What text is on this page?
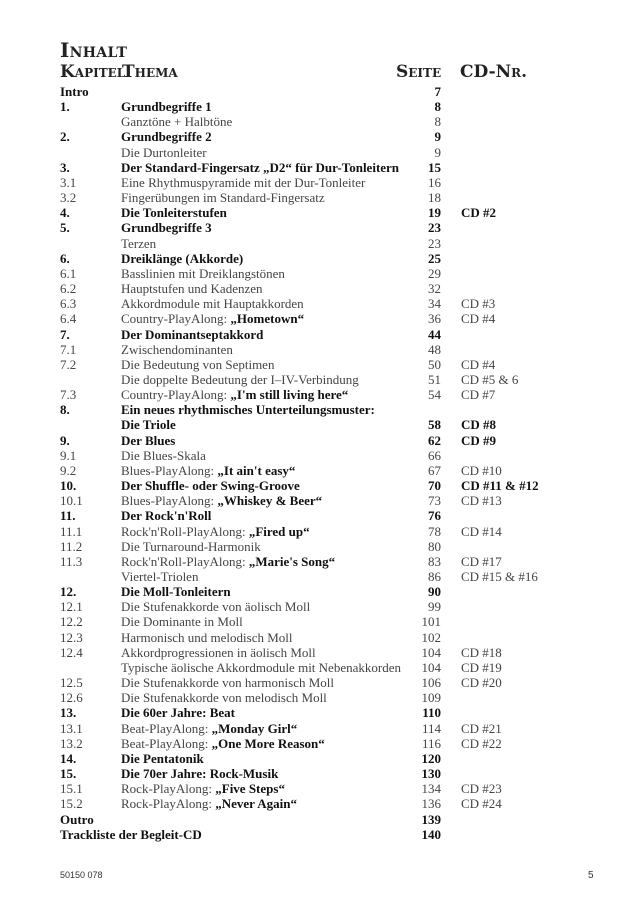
Inhalt
Kapitel
Thema	Seite CD-Nr.
Intro	7
1.	Grundbegriffe 1	8
Ganztöne + Halbtöne	8
2.	Grundbegriffe 2	9
Die Durtonleiter	9
3.	Der Standard-Fingersatz „D2“ für Dur-Tonleitern 15
3.1	Eine Rhythmuspyramide mit der Dur-Tonleiter	16
3.2	Fingerübungen im Standard-Fingersatz	18
4.	Die Tonleiterstufen	19 CD #2
5.	Grundbegriffe 3	23
Terzen	23
6.	Dreiklänge (Akkorde)	25
6.1	Basslinien mit Dreiklangstönen	29
6.2	Hauptstufen und Kadenzen	32
6.3	Akkordmodule mit Hauptakkorden	34 CD #3
6.4	Country-PlayAlong: „Hometown“	36 CD #4
7.	Der Dominantseptakkord	44
7.1	Zwischendominanten	48
7.2	Die Bedeutung von Septimen	50 CD #4
Die doppelte Bedeutung der I–IV-Verbindung	51 CD #5 & 6
7.3	Country-PlayAlong: „I'm still living here“	54 CD #7
8.	Ein neues rhythmisches Unterteilungsmuster:
Die Triole	58 CD #8
9.	Der Blues	62 CD #9
9.1	Die Blues-Skala	66
9.2	Blues-PlayAlong: „It ain't easy“	67 CD #10
10.	Der Shuffle- oder Swing-Groove	70 CD #11 & #12
10.1	Blues-PlayAlong: „Whiskey & Beer“	73 CD #13
11.	Der Rock'n'Roll	76
11.1	Rock'n'Roll-PlayAlong: „Fired up“	78 CD #14
11.2	Die Turnaround-Harmonik	80
11.3	Rock'n'Roll-PlayAlong: „Marie's Song“	83 CD #17
Viertel-Triolen	86 CD #15 & #16
12.	Die Moll-Tonleitern	90
12.1	Die Stufenakkorde von äolisch Moll	99
12.2	Die Dominante in Moll	101
12.3	Harmonisch und melodisch Moll	102
12.4	Akkordprogressionen in äolisch Moll	104 CD #18
Typische äolische Akkordmodule mit Nebenakkorden 104 CD #19
12.5	Die Stufenakkorde von harmonisch Moll	106 CD #20
12.6	Die Stufenakkorde von melodisch Moll	109
13.	Die 60er Jahre: Beat	110
13.1	Beat-PlayAlong: „Monday Girl“	114 CD #21
13.2	Beat-PlayAlong: „One More Reason“	116 CD #22
14.	Die Pentatonik	120
15.	Die 70er Jahre: Rock-Musik	130
15.1	Rock-PlayAlong: „Five Steps“	134 CD #23
15.2	Rock-PlayAlong: „Never Again“	136 CD #24
Outro	139
Trackliste der Begleit-CD	140
50150 078	5
